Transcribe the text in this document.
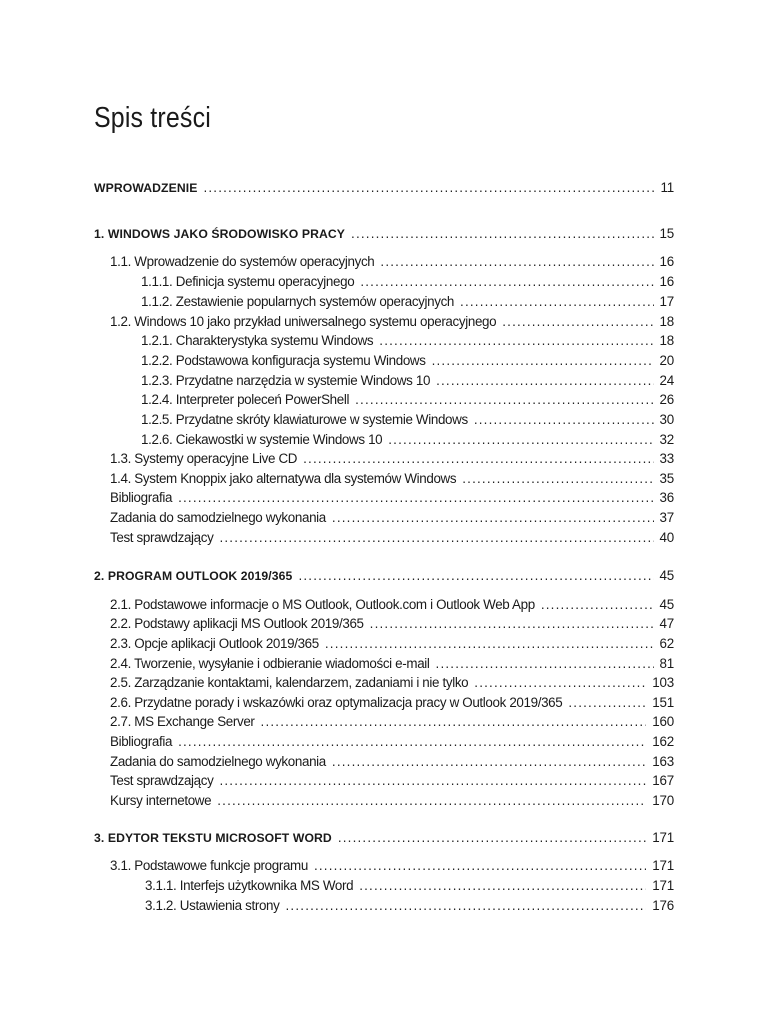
Spis treści
WPROWADZENIE .....	11
1. WINDOWS JAKO ŚRODOWISKO PRACY .....	15
1.1. Wprowadzenie do systemów operacyjnych .....	16
1.1.1. Definicja systemu operacyjnego .....	16
1.1.2. Zestawienie popularnych systemów operacyjnych .....	17
1.2. Windows 10 jako przykład uniwersalnego systemu operacyjnego .....	18
1.2.1. Charakterystyka systemu Windows .....	18
1.2.2. Podstawowa konfiguracja systemu Windows .....	20
1.2.3. Przydatne narzędzia w systemie Windows 10 .....	24
1.2.4. Interpreter poleceń PowerShell .....	26
1.2.5. Przydatne skróty klawiaturowe w systemie Windows .....	30
1.2.6. Ciekawostki w systemie Windows 10 .....	32
1.3. Systemy operacyjne Live CD .....	33
1.4. System Knoppix jako alternatywa dla systemów Windows .....	35
Bibliografia .....	36
Zadania do samodzielnego wykonania .....	37
Test sprawdzający .....	40
2. PROGRAM OUTLOOK 2019/365 .....	45
2.1. Podstawowe informacje o MS Outlook, Outlook.com i Outlook Web App .....	45
2.2. Podstawy aplikacji MS Outlook 2019/365 .....	47
2.3. Opcje aplikacji Outlook 2019/365 .....	62
2.4. Tworzenie, wysyłanie i odbieranie wiadomości e-mail .....	81
2.5. Zarządzanie kontaktami, kalendarzem, zadaniami i nie tylko .....	103
2.6. Przydatne porady i wskazówki oraz optymalizacja pracy w Outlook 2019/365 .....	151
2.7. MS Exchange Server .....	160
Bibliografia .....	162
Zadania do samodzielnego wykonania .....	163
Test sprawdzający .....	167
Kursy internetowe .....	170
3. EDYTOR TEKSTU MICROSOFT WORD .....	171
3.1. Podstawowe funkcje programu .....	171
3.1.1. Interfejs użytkownika MS Word .....	171
3.1.2. Ustawienia strony .....	176
